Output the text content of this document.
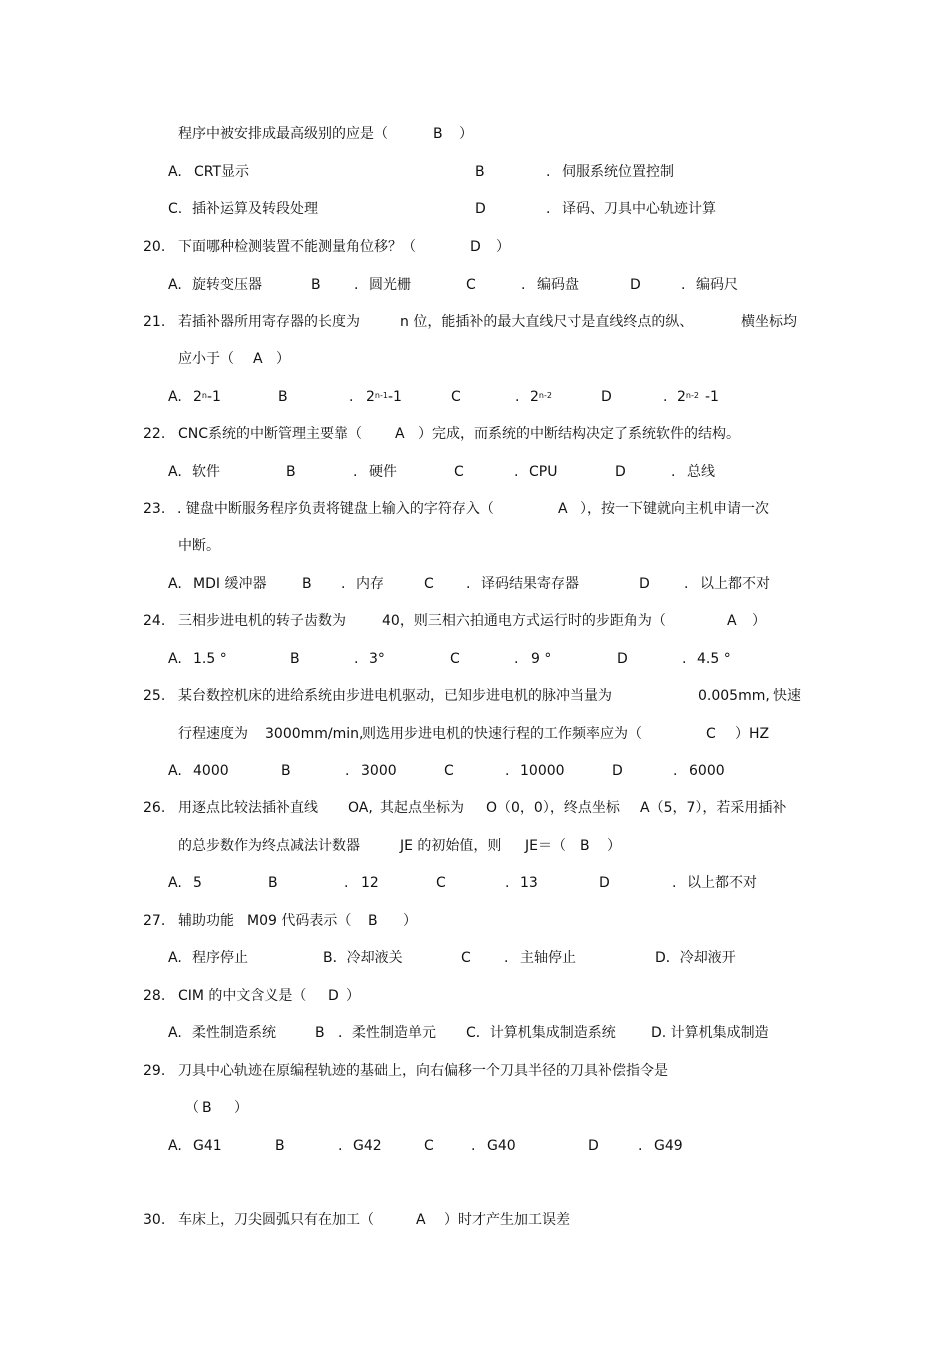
程序中被安排成最高级别的应是（	B ）
A. CRT显示	B	. 伺服系统位置控制
C. 插补运算及转段处理	D	. 译码、刀具中心轨迹计算
20. 下面哪种检测装置不能测量角位移？（	D ）
A. 旋转变压器	B . 圆光栅	C	. 编码盘	D	. 编码尺
21. 若插补器所用寄存器的长度为	n 位，能插补的最大直线尺寸是直线终点的纵、	横坐标均
应小于（ A ）
A. 2$^n$-1	B	. 2$^{n-1}$-1	C	. 2$^{n-2}$	D	. 2$^{n-2}$ -1
22. CNC系统的中断管理主要靠（ A ）完成，而系统的中断结构决定了系统软件的结构。
A. 软件	B	. 硬件	C	. CPU	D	. 总线
23. . 键盘中断服务程序负责将键盘上输入的字符存入（	A ），按一下键就向主机申请一次
中断。
A. MDI 缓冲器	B . 内存	C . 译码结果寄存器	D . 以上都不对
24. 三相步进电机的转子齿数为	40，则三相六拍通电方式运行时的步距角为（	A ）
A. 1.5 °	B	. 3°	C	. 9 °	D	. 4.5 °
25. 某台数控机床的进给系统由步进电机驱动，已知步进电机的脉冲当量为	0.005mm, 快速
行程速度为 3000mm/min,
则选用步进电机的快速行程的工作频率应为（	C ）HZ
A. 4000	B	. 3000	C	. 10000	D	. 6000
26. 用逐点比较法插补直线 OA, 其起点坐标为 O（0，0），终点坐标 A（5，7），若采用插补
的总步数作为终点减法计数器	JE 的初始值，则 JE＝（ B ）
A. 5	B	. 12	C	. 13	D	. 以上都不对
27. 辅助功能 M09 代码表示（ B ）
A. 程序停止	B．冷却液关	C . 主轴停止	D．冷却液开
28. CIM 的中文含义是（ D ）
A. 柔性制造系统	B ．柔性制造单元 C．计算机集成制造系统	D. 计算机集成制造
29. 刀具中心轨迹在原编程轨迹的基础上，向右偏移一个刀具半径的刀具补偿指令是
（ B ）
A. G41	B	. G42	C	. G40	D	. G49
30. 车床上，刀尖圆弧只有在加工（	A ）时才产生加工误差
